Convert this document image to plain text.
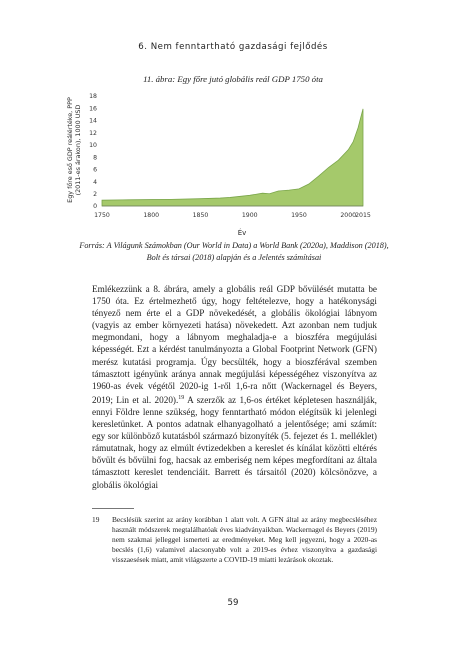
6. Nem fenntartható gazdasági fejlődés
11. ábra: Egy főre jutó globális reál GDP 1750 óta
Egy főre eső GDP reálértéke, PPP (2011-es árakon), 1000 USD
0
2
4
6
8
10
12
14
16
18
1750	1800	1850	1900	1950	2000 2015
Év
Forrás: A Világunk Számokban (Our World in Data) a World Bank (2020a), Maddison (2018), Bolt és társai (2018) alapján és a Jelentés számításai

Emlékezzünk a 8. ábrára, amely a globális reál GDP bővülését mutatta be 1750 óta. Ez értelmezhető úgy, hogy feltételezve, hogy a hatékonysági tényező nem érte el a GDP növekedését, a globális ökológiai lábnyom (vagyis az ember környezeti hatása) növekedett. Azt azonban nem tudjuk megmondani, hogy a lábnyom meghaladja-e a bioszféra megújulási képességét. Ezt a kérdést tanulmányozta a Global Footprint Network (GFN) merész kutatási programja. Úgy becsülték, hogy a bioszférával szemben támasztott igényünk aránya annak megújulási képességéhez viszonyítva az 1960-as évek végétől 2020-ig 1-ről 1,6-ra nőtt (Wackernagel és Beyers, 2019; Lin et al. 2020).$^{19}$ A szerzők az 1,6-os értéket képletesen használják, ennyi Földre lenne szükség, hogy fenntartható módon elégítsük ki jelenlegi keresletünket. A pontos adatnak elhanyagolható a jelentősége; ami számít: egy sor különböző kutatásból származó bizonyíték (5. fejezet és 1. melléklet) rámutatnak, hogy az elmúlt évtizedekben a kereslet és kínálat közötti eltérés bővült és bővülni fog, hacsak az emberiség nem képes megfordítani az általa támasztott kereslet tendenciáit. Barrett és társaitól (2020) kölcsönözve, a globális ökológiai

19	Becslésük szerint az arány korábban 1 alatt volt. A GFN által az arány megbecsléséhez használt módszerek megtalálhatóak éves kiadványaikban. Wackernagel és Beyers (2019) nem szakmai jelleggel ismerteti az eredményeket. Meg kell jegyezni, hogy a 2020-as becslés (1,6) valamivel alacsonyabb volt a 2019-es évhez viszonyítva a gazdasági visszaesések miatt, amit világszerte a COVID-19 miatti lezárások okoztak.
59
